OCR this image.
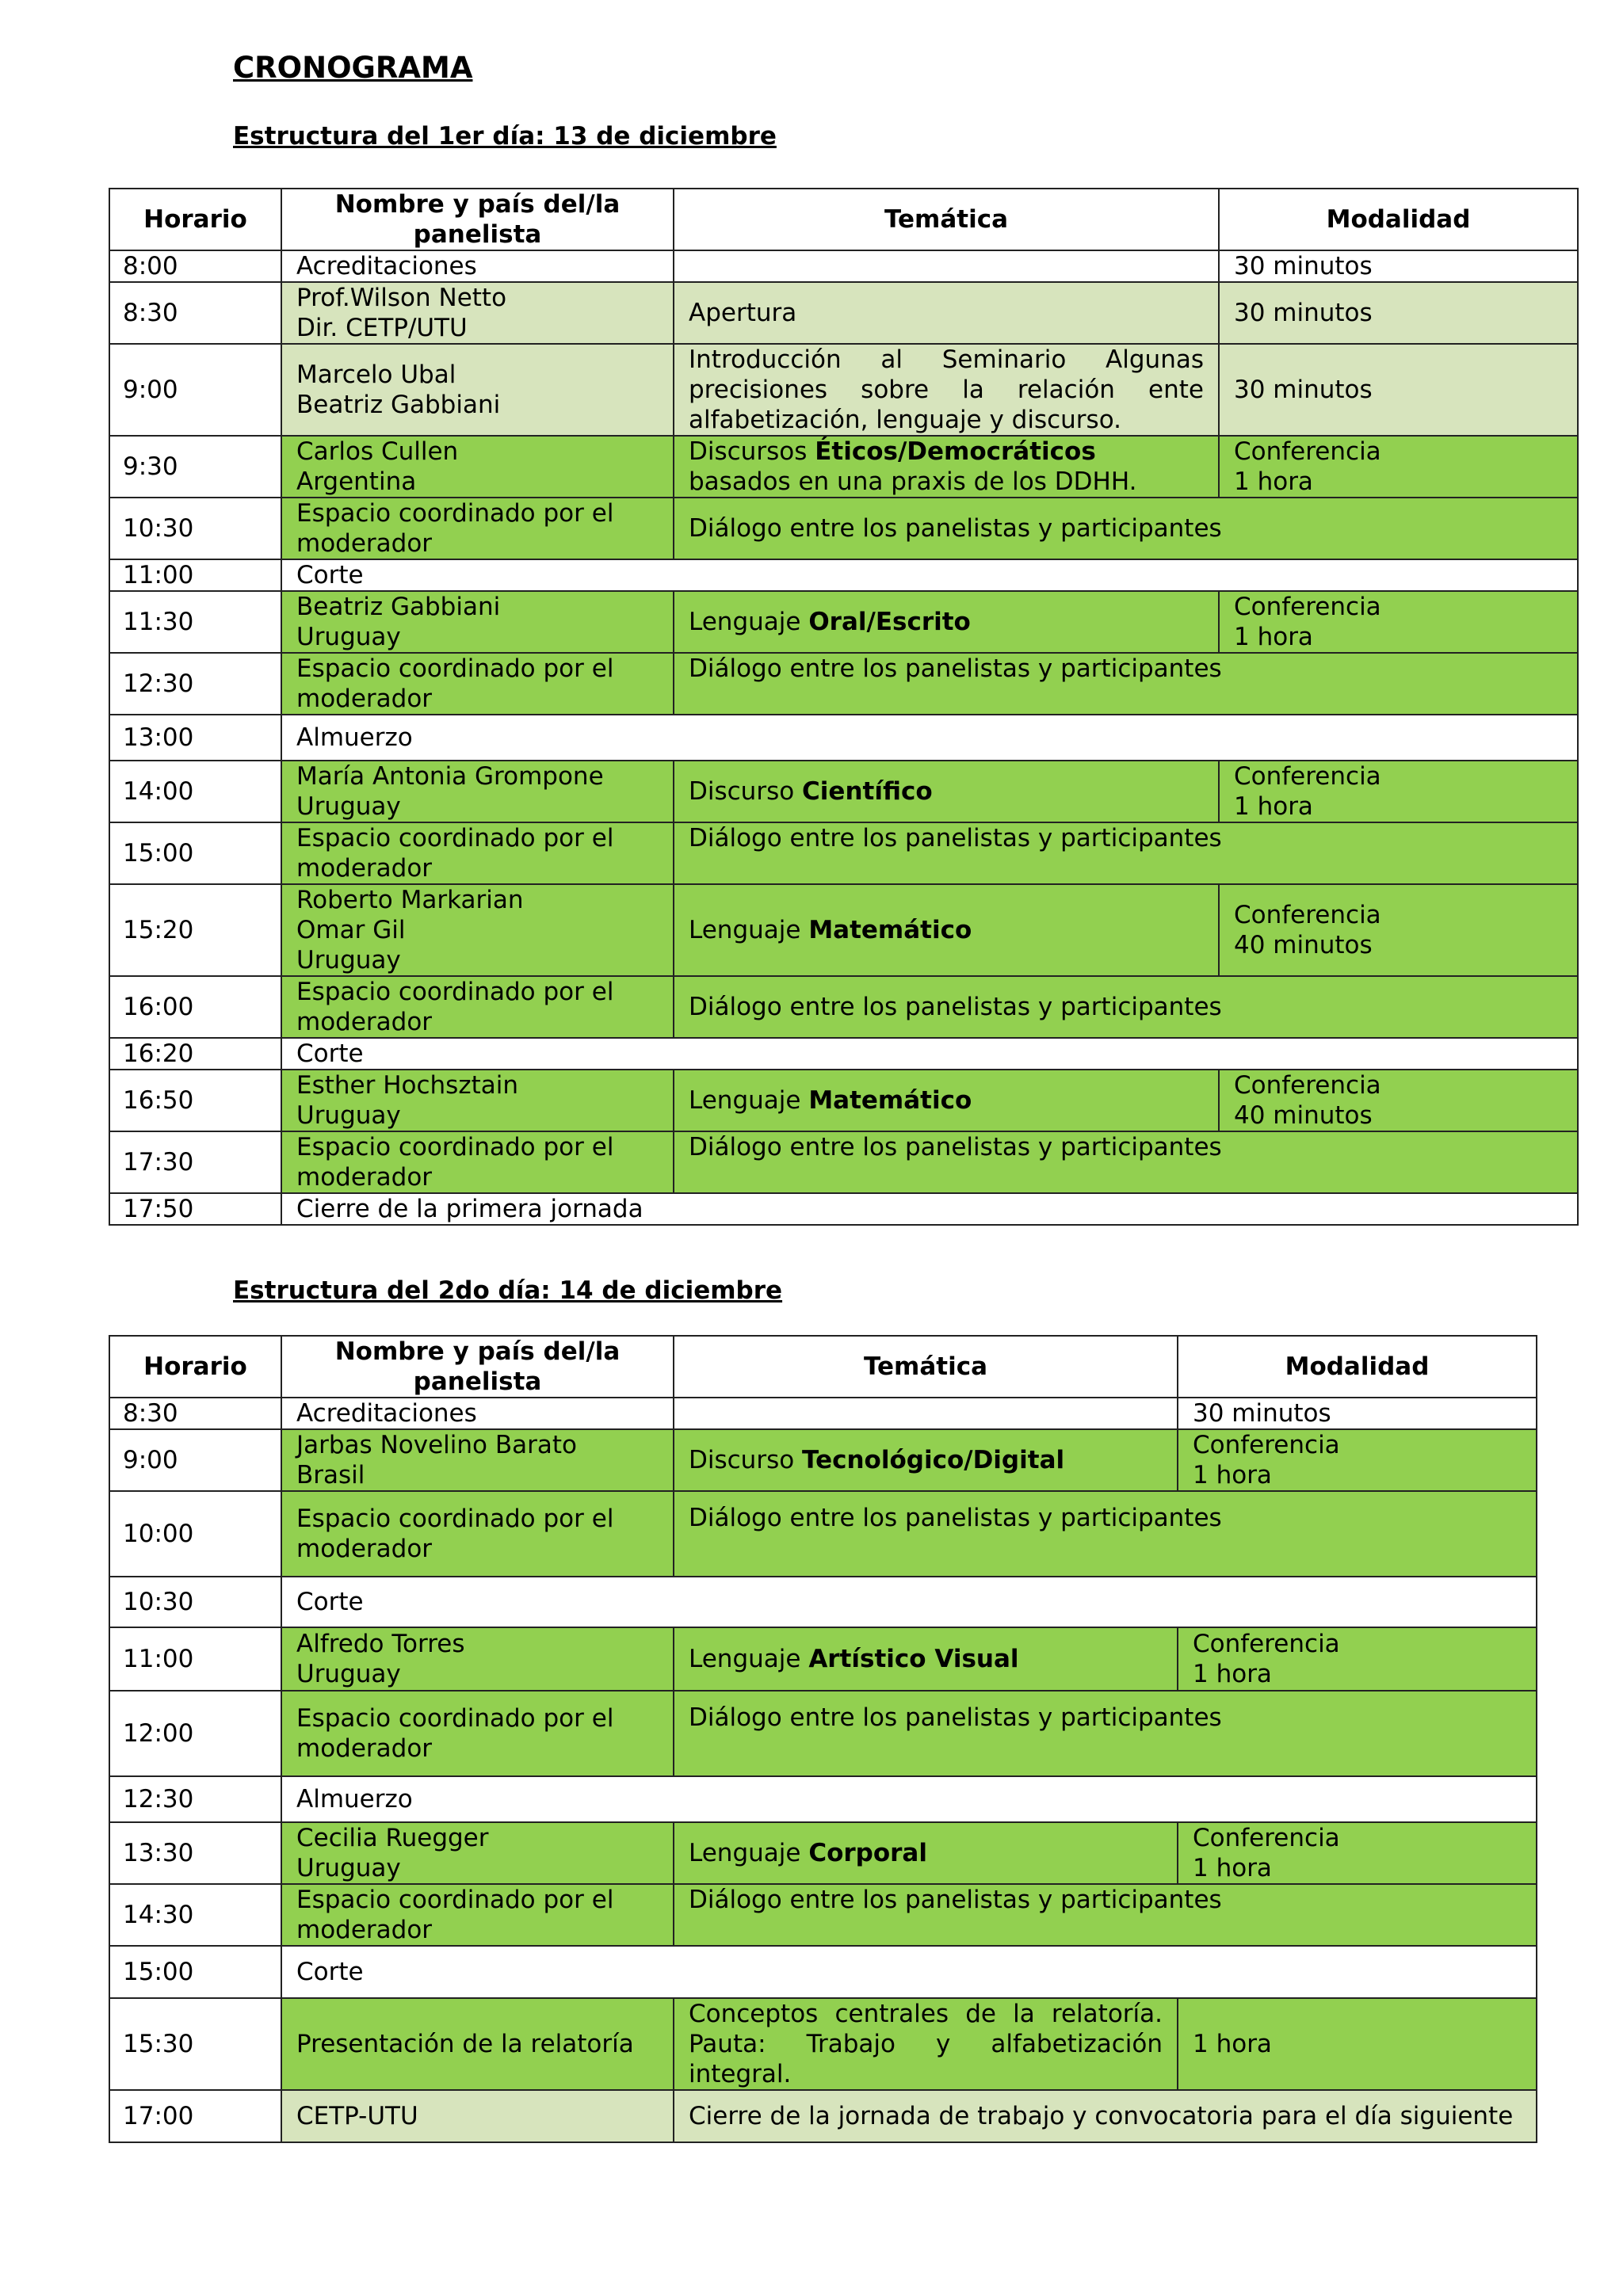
CRONOGRAMA
Estructura del 1er día: 13 de diciembre
Horario	Nombre y país del/la panelista	Temática	Modalidad
8:00	Acreditaciones		30 minutos
8:30	Prof.Wilson Netto
Dir. CETP/UTU	Apertura	30 minutos
9:00	Marcelo Ubal
Beatriz Gabbiani	Introducción al Seminario Algunas precisiones sobre la relación ente alfabetización, lenguaje y discurso.	30 minutos
9:30	Carlos Cullen
Argentina	Discursos Éticos/Democráticos
basados en una praxis de los DDHH.	Conferencia
1 hora
10:30	Espacio coordinado por el moderador	Diálogo entre los panelistas y participantes	
11:00	Corte		
11:30	Beatriz Gabbiani
Uruguay	Lenguaje Oral/Escrito	Conferencia
1 hora
12:30	Espacio coordinado por el moderador	Diálogo entre los panelistas y participantes	
13:00	Almuerzo		
14:00	María Antonia Grompone
Uruguay	Discurso Científico	Conferencia
1 hora
15:00	Espacio coordinado por el moderador	Diálogo entre los panelistas y participantes	
15:20	Roberto Markarian
Omar Gil
Uruguay	Lenguaje Matemático	Conferencia
40 minutos
16:00	Espacio coordinado por el moderador	Diálogo entre los panelistas y participantes	
16:20	Corte		
16:50	Esther Hochsztain
Uruguay	Lenguaje Matemático	Conferencia
40 minutos
17:30	Espacio coordinado por el moderador	Diálogo entre los panelistas y participantes	
17:50	Cierre de la primera jornada		
Estructura del 2do día: 14 de diciembre
Horario	Nombre y país del/la panelista	Temática	Modalidad
8:30	Acreditaciones		30 minutos
9:00	Jarbas Novelino Barato
Brasil	Discurso Tecnológico/Digital	Conferencia
1 hora
10:00	Espacio coordinado por el moderador	Diálogo entre los panelistas y participantes	
10:30	Corte		
11:00	Alfredo Torres
Uruguay	Lenguaje Artístico Visual	Conferencia
1 hora
12:00	Espacio coordinado por el moderador	Diálogo entre los panelistas y participantes	
12:30	Almuerzo		
13:30	Cecilia Ruegger
Uruguay	Lenguaje Corporal	Conferencia
1 hora
14:30	Espacio coordinado por el moderador	Diálogo entre los panelistas y participantes	
15:00	Corte		
15:30	Presentación de la relatoría	Conceptos centrales de la relatoría. Pauta: Trabajo y alfabetización integral.	1 hora
17:00	CETP-UTU	Cierre de la jornada de trabajo y convocatoria para el día siguiente	
